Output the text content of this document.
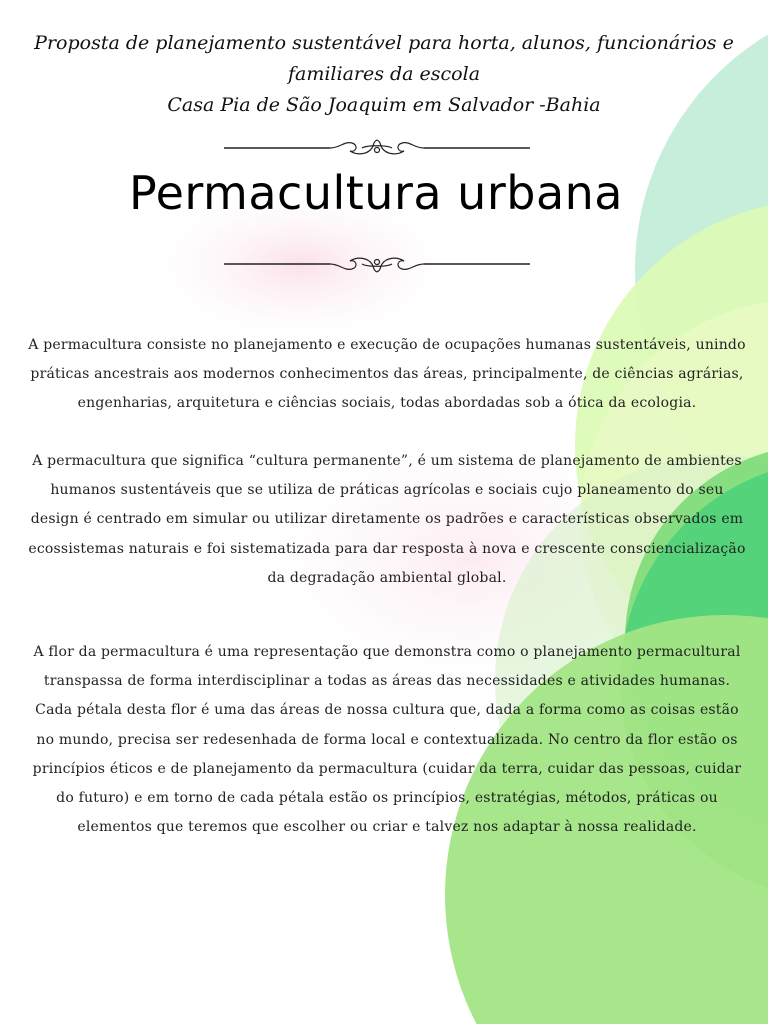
Proposta de planejamento sustentável para horta, alunos, funcionários e
familiares da escola
Casa Pia de São Joaquim em Salvador -Bahia
Permacultura urbana

A permacultura consiste no planejamento e execução de ocupações humanas sustentáveis, unindo práticas ancestrais aos modernos conhecimentos das áreas, principalmente, de ciências agrárias, engenharias, arquitetura e ciências sociais, todas abordadas sob a ótica da ecologia.

A permacultura que significa “cultura permanente”, é um sistema de planejamento de ambientes humanos sustentáveis que se utiliza de práticas agrícolas e sociais cujo planeamento do seu design é centrado em simular ou utilizar diretamente os padrões e características observados em ecossistemas naturais e foi sistematizada para dar resposta à nova e crescente consciencialização da degradação ambiental global.

A flor da permacultura é uma representação que demonstra como o planejamento permacultural transpassa de forma interdisciplinar a todas as áreas das necessidades e atividades humanas. Cada pétala desta flor é uma das áreas de nossa cultura que, dada a forma como as coisas estão no mundo, precisa ser redesenhada de forma local e contextualizada. No centro da flor estão os princípios éticos e de planejamento da permacultura (cuidar da terra, cuidar das pessoas, cuidar do futuro) e em torno de cada pétala estão os princípios, estratégias, métodos, práticas ou elementos que teremos que escolher ou criar e talvez nos adaptar à nossa realidade.
